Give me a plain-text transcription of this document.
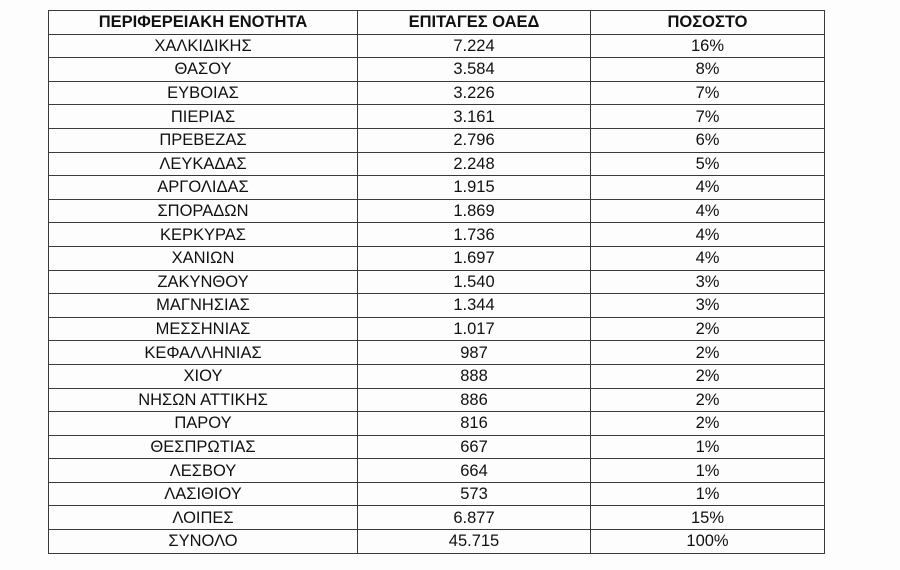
ΠΕΡΙΦΕΡΕΙΑΚΗ ΕΝΟΤΗΤΑ	ΕΠΙΤΑΓΕΣ ΟΑΕΔ	ΠΟΣΟΣΤΟ
ΧΑΛΚΙΔΙΚΗΣ	7.224	16%
ΘΑΣΟΥ	3.584	8%
ΕΥΒΟΙΑΣ	3.226	7%
ΠΙΕΡΙΑΣ	3.161	7%
ΠΡΕΒΕΖΑΣ	2.796	6%
ΛΕΥΚΑΔΑΣ	2.248	5%
ΑΡΓΟΛΙΔΑΣ	1.915	4%
ΣΠΟΡΑΔΩΝ	1.869	4%
ΚΕΡΚΥΡΑΣ	1.736	4%
ΧΑΝΙΩΝ	1.697	4%
ΖΑΚΥΝΘΟΥ	1.540	3%
ΜΑΓΝΗΣΙΑΣ	1.344	3%
ΜΕΣΣΗΝΙΑΣ	1.017	2%
ΚΕΦΑΛΛΗΝΙΑΣ	987	2%
ΧΙΟΥ	888	2%
ΝΗΣΩΝ ΑΤΤΙΚΗΣ	886	2%
ΠΑΡΟΥ	816	2%
ΘΕΣΠΡΩΤΙΑΣ	667	1%
ΛΕΣΒΟΥ	664	1%
ΛΑΣΙΘΙΟΥ	573	1%
ΛΟΙΠΕΣ	6.877	15%
ΣΥΝΟΛΟ	45.715	100%
